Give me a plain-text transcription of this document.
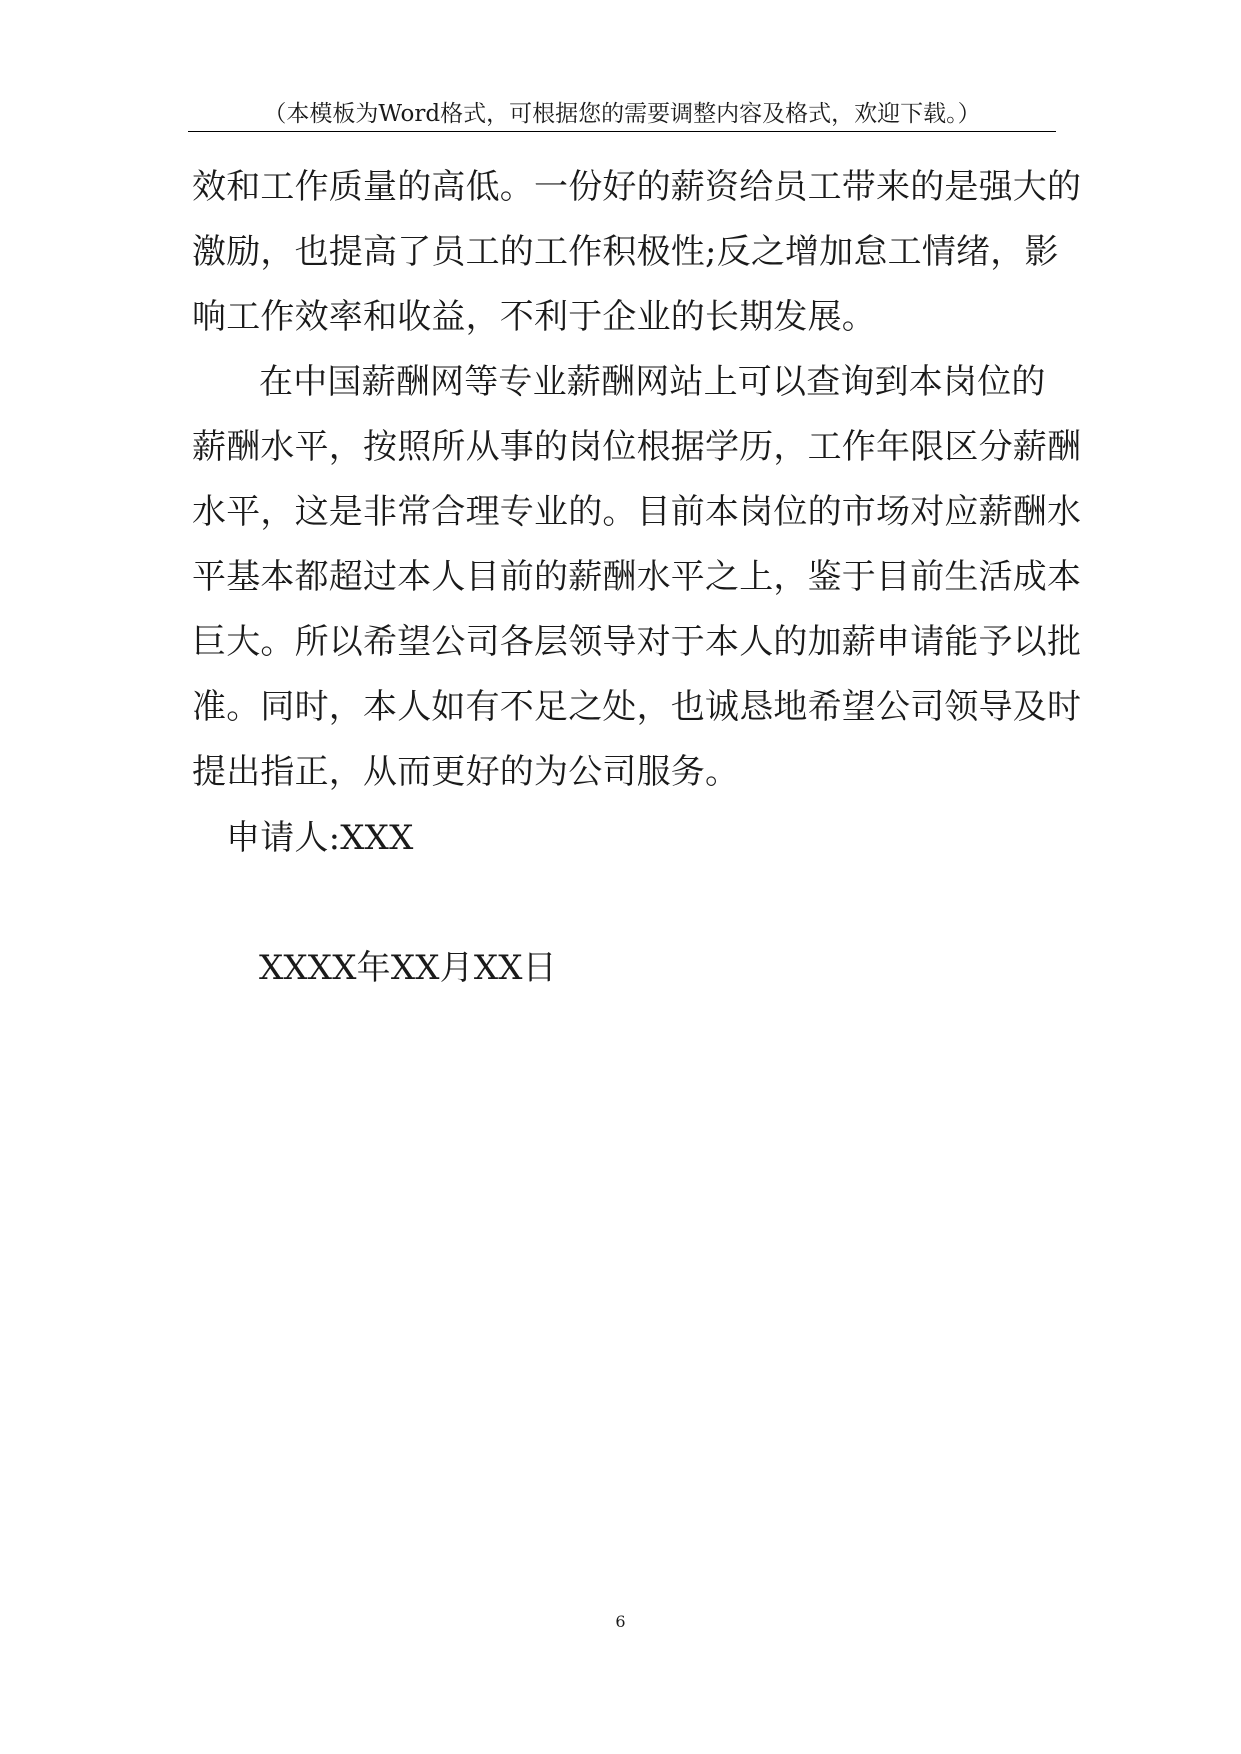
（本模板为Word格式，可根据您的需要调整内容及格式，欢迎下载。）
效和工作质量的高低。一份好的薪资给员工带来的是强大的
激励，也提高了员工的工作积极性;反之增加怠工情绪，影
响工作效率和收益，不利于企业的长期发展。
在中国薪酬网等专业薪酬网站上可以查询到本岗位的
薪酬水平，按照所从事的岗位根据学历，工作年限区分薪酬
水平，这是非常合理专业的。目前本岗位的市场对应薪酬水
平基本都超过本人目前的薪酬水平之上，鉴于目前生活成本
巨大。所以希望公司各层领导对于本人的加薪申请能予以批
准。同时，本人如有不足之处，也诚恳地希望公司领导及时
提出指正，从而更好的为公司服务。
申请人:XXX
XXXX年XX月XX日
6
